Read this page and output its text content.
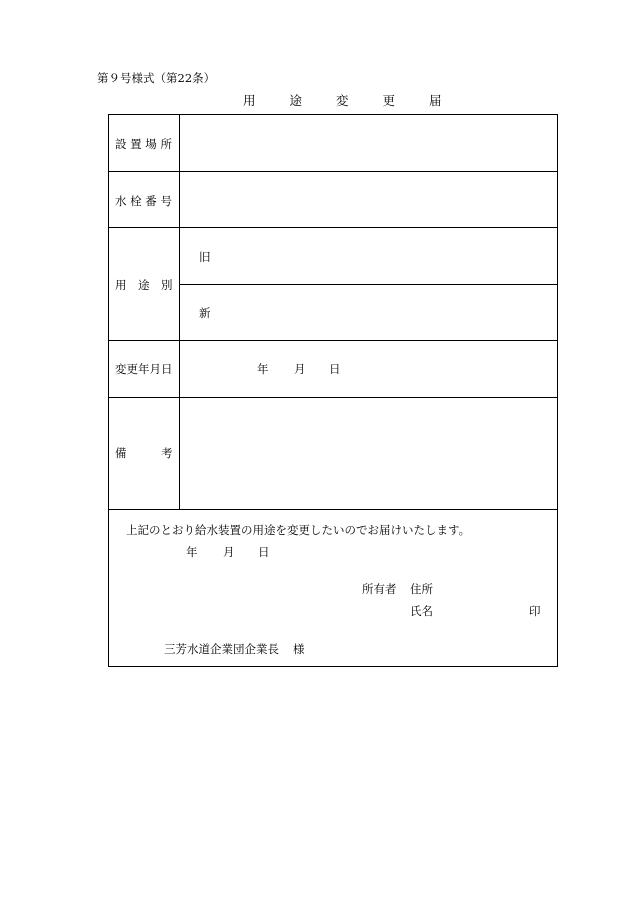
第９号様式（第22条）
用	途	変	更	届
設 置 場 所
水 栓 番 号
用　途　別
旧
新
変更年月日	年 月 日
備　　　考
上記のとおり給水装置の用途を変更したいのでお届けいたします。
年 月 日
所有者 住所
氏名	印
三芳水道企業団企業長 様
